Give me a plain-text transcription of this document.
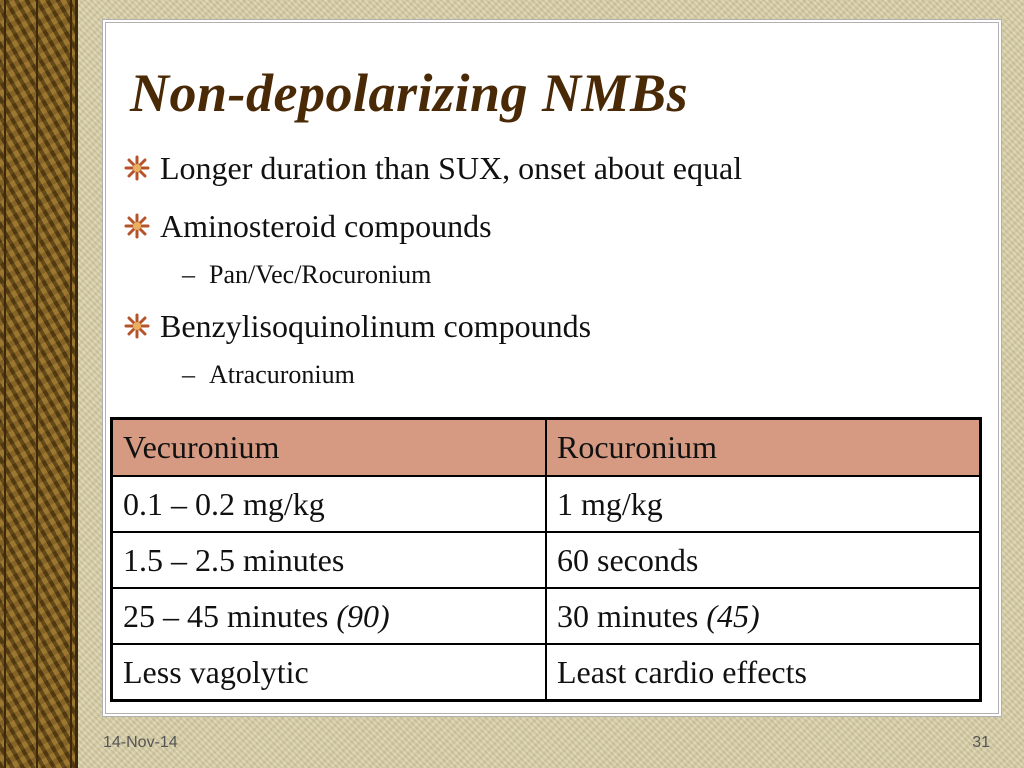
Non-depolarizing NMBs
Longer duration than SUX, onset about equal
Aminosteroid compounds
– Pan/Vec/Rocuronium
Benzylisoquinolinum compounds
– Atracuronium
Vecuronium	Rocuronium
0.1 – 0.2 mg/kg	1 mg/kg
1.5 – 2.5 minutes	60 seconds
25 – 45 minutes (90)	30 minutes (45)
Less vagolytic	Least cardio effects
14-Nov-14	31
